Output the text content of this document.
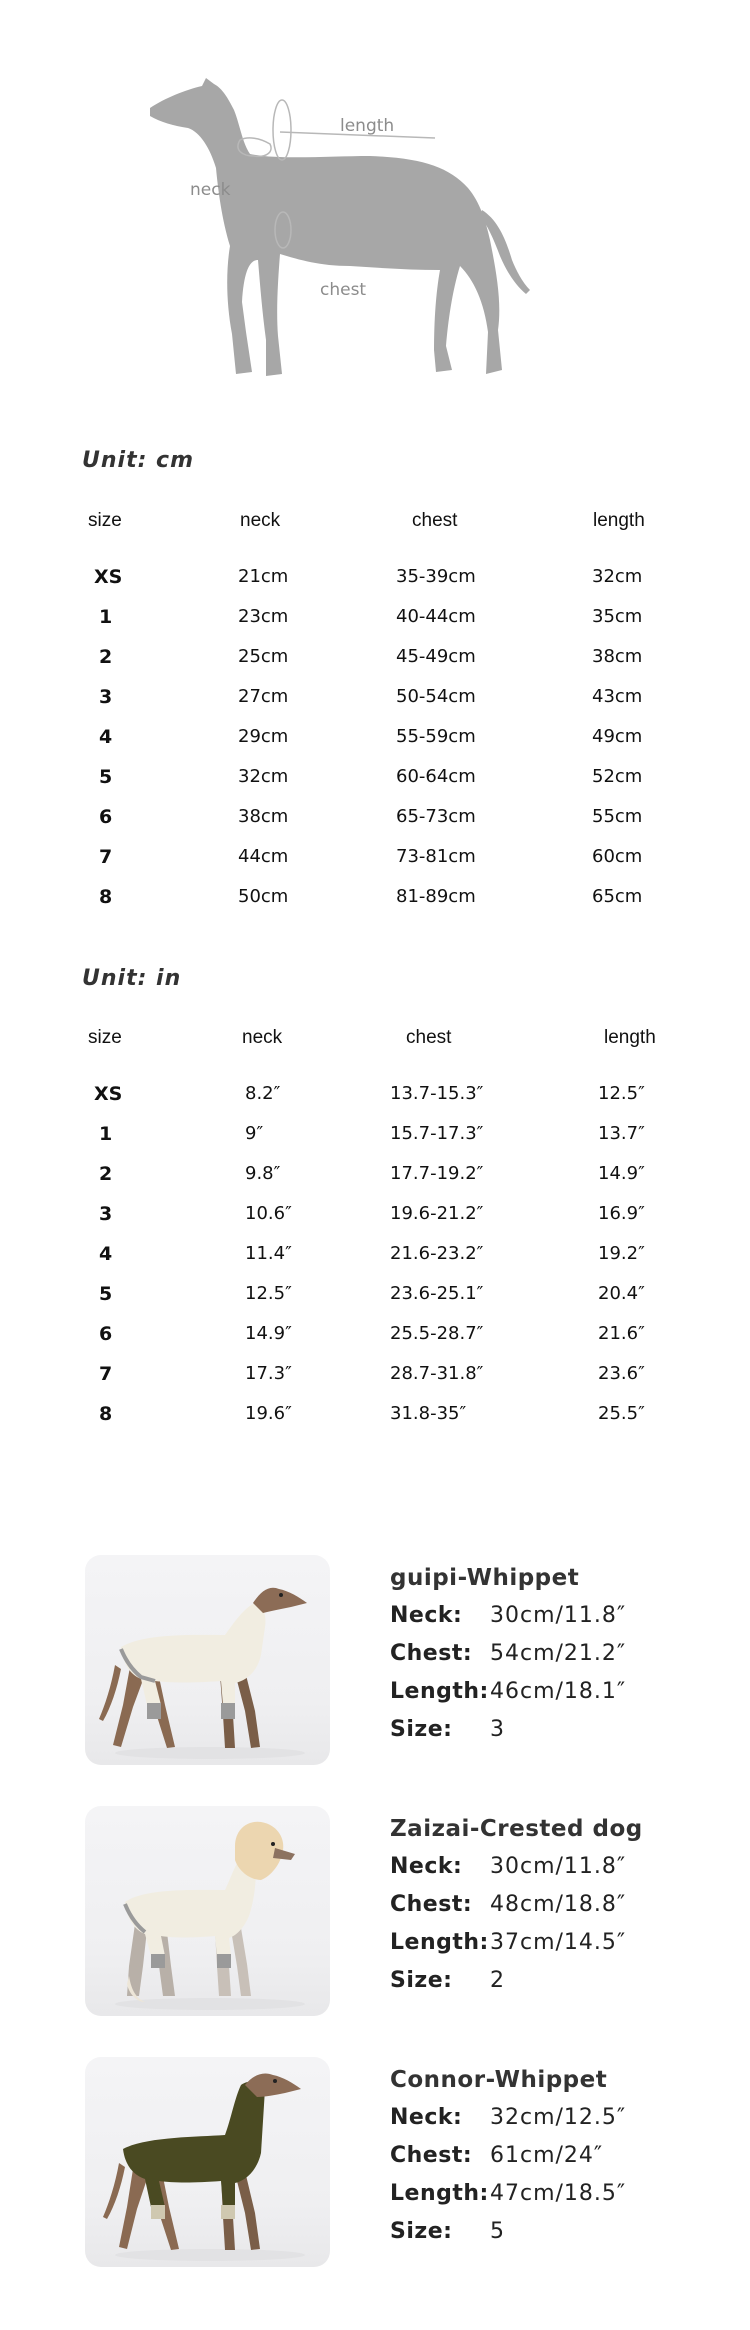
length
neck
chest
Unit: cm
size	neck	chest	length
XS	21cm	35-39cm	32cm
1	23cm	40-44cm	35cm
2	25cm	45-49cm	38cm
3	27cm	50-54cm	43cm
4	29cm	55-59cm	49cm
5	32cm	60-64cm	52cm
6	38cm	65-73cm	55cm
7	44cm	73-81cm	60cm
8	50cm	81-89cm	65cm
Unit: in
size	neck	chest	length
XS	8.2″	13.7-15.3″	12.5″
1	9″	15.7-17.3″	13.7″
2	9.8″	17.7-19.2″	14.9″
3	10.6″	19.6-21.2″	16.9″
4	11.4″	21.6-23.2″	19.2″
5	12.5″	23.6-25.1″	20.4″
6	14.9″	25.5-28.7″	21.6″
7	17.3″	28.7-31.8″	23.6″
8	19.6″	31.8-35″	25.5″
guipi-Whippet
Neck: 30cm/11.8″
Chest: 54cm/21.2″
Length: 46cm/18.1″
Size: 3
Zaizai-Crested dog
Neck: 30cm/11.8″
Chest: 48cm/18.8″
Length: 37cm/14.5″
Size: 2
Connor-Whippet
Neck: 32cm/12.5″
Chest: 61cm/24″
Length: 47cm/18.5″
Size: 5
